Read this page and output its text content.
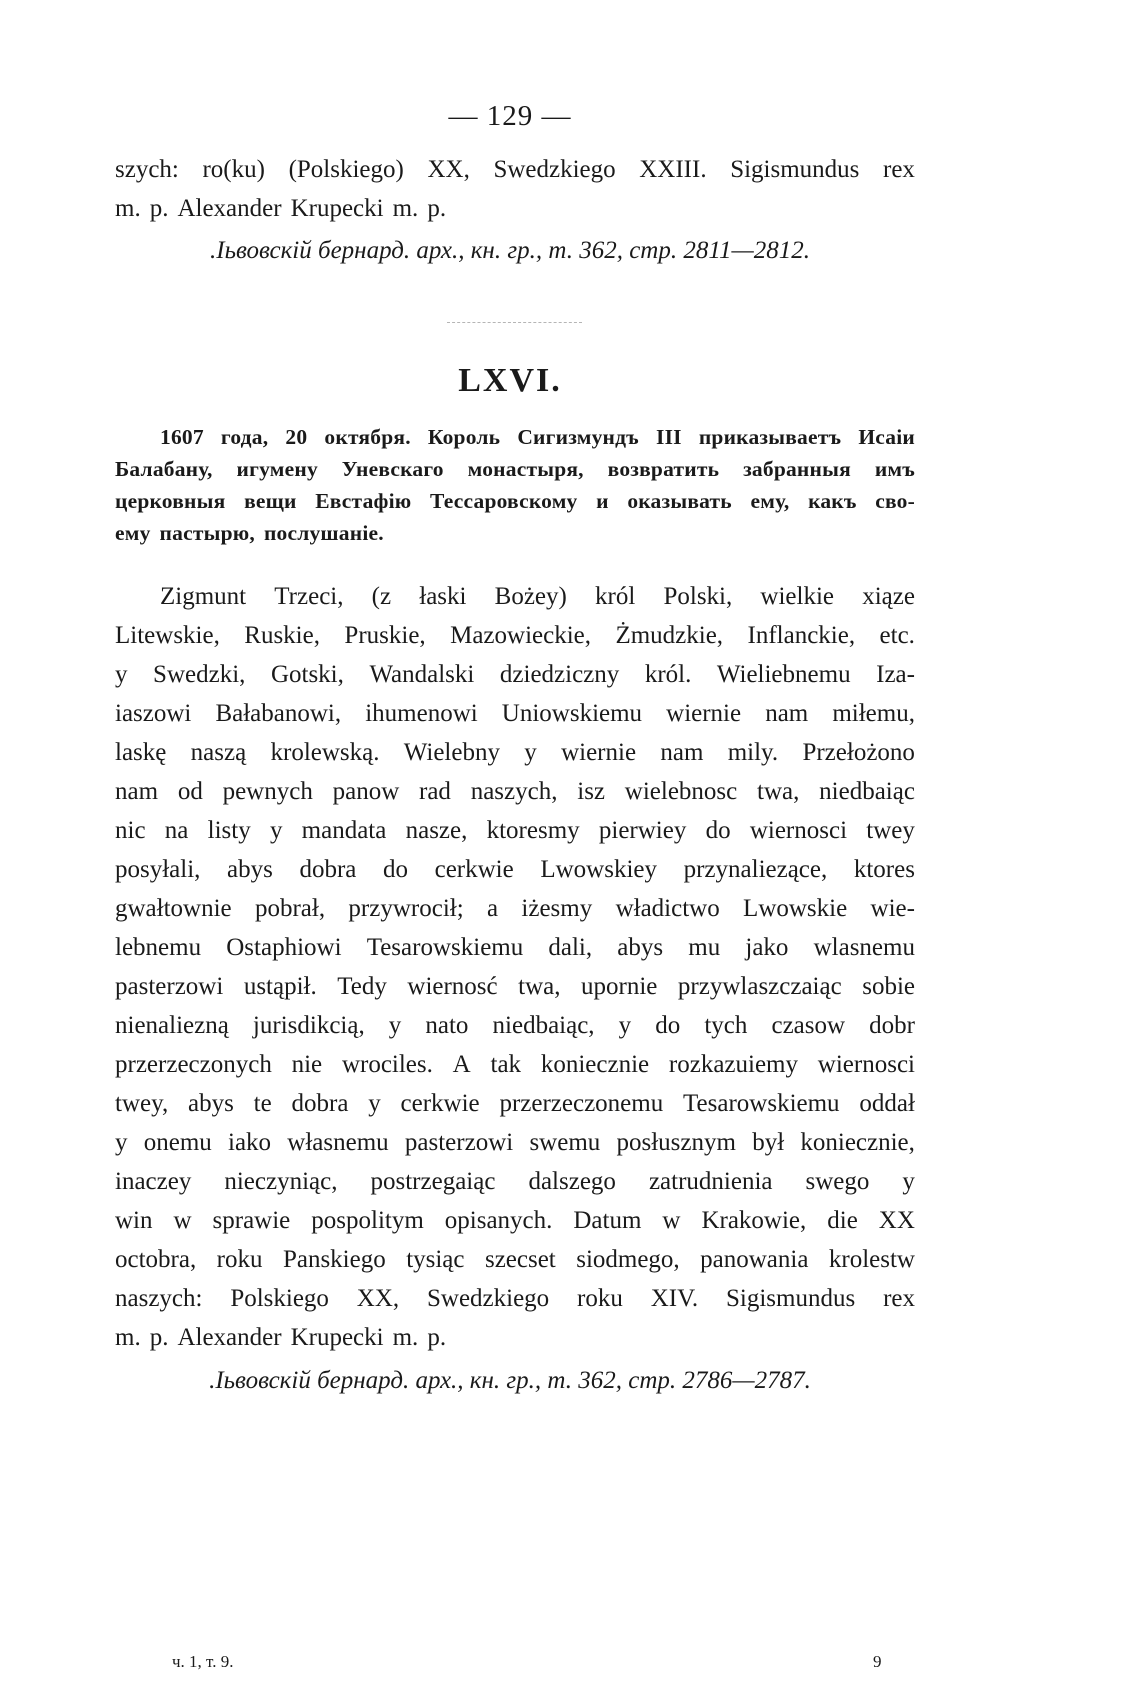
— 129 —
szych: ro(ku) (Polskiego) XX, Swedzkiego XXIII. Sigismundus rex
m. p. Alexander Krupecki m. p.
.Iьвовскій бернард. арх., кн. гр., т. 362, стр. 2811—2812.
LXVI.
1607 года, 20 октября. Король Сигизмундъ III приказываетъ Исаіи
Балабану, игумену Уневскаго монастыря, возвратить забранныя имъ
церковныя вещи Евстафію Тессаровскому и оказывать ему, какъ сво-
ему пастырю, послушаніе.
Zigmunt Trzeci, (z łaski Bożey) król Polski, wielkie xiąze
Litewskie, Ruskie, Pruskie, Mazowieckie, Żmudzkie, Inflanckie, etc.
y Swedzki, Gotski, Wandalski dziedziczny król. Wieliebnemu Iza-
iaszowi Bałabanowi, ihumenowi Uniowskiemu wiernie nam miłemu,
laskę naszą krolewską. Wielebny y wiernie nam mily. Przełożono
nam od pewnych panow rad naszych, isz wielebnosc twa, niedbaiąc
nic na listy y mandata nasze, ktoresmy pierwiey do wiernosci twey
posyłali, abys dobra do cerkwie Lwowskiey przynaliezące, ktores
gwałtownie pobrał, przywrocił; a iżesmy władictwo Lwowskie wie-
lebnemu Ostaphiowi Tesarowskiemu dali, abys mu jako wlasnemu
pasterzowi ustąpił. Tedy wiernosć twa, upornie przywlaszczaiąc sobie
nienaliezną jurisdikcią, y nato niedbaiąc, y do tych czasow dobr
przerzeczonych nie wrociles. A tak koniecznie rozkazuiemy wiernosci
twey, abys te dobra y cerkwie przerzeczonemu Tesarowskiemu oddał
y onemu iako własnemu pasterzowi swemu posłusznym był koniecznie,
inaczey nieczyniąc, postrzegaiąc dalszego zatrudnienia swego y
win w sprawie pospolitym opisanych. Datum w Krakowie, die XX
octobra, roku Panskiego tysiąc szecset siodmego, panowania krolestw
naszych: Polskiego XX, Swedzkiego roku XIV. Sigismundus rex
m. p. Alexander Krupecki m. p.
.Iьвовскій бернард. арх., кн. гр., т. 362, стр. 2786—2787.
ч. 1, т. 9.	9
